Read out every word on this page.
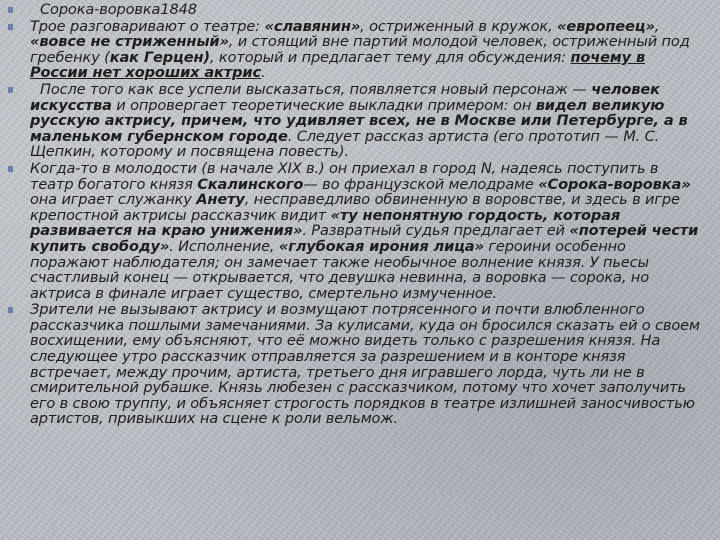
Сорока-воровка1848
Трое разговаривают о театре: «славянин», остриженный в кружок, «европеец», «вовсе не стриженный», и стоящий вне партий молодой человек, остриженный под гребенку (как Герцен), который и предлагает тему для обсуждения: почему в России нет хороших актрис.
После того как все успели высказаться, появляется новый персонаж — человек искусства и опровергает теоретические выкладки примером: он видел великую русскую актрису, причем, что удивляет всех, не в Москве или Петербурге, а в маленьком губернском городе. Следует рассказ артиста (его прототип — М. С. Щепкин, которому и посвящена повесть).
Когда-то в молодости (в начале XIX в.) он приехал в город N, надеясь поступить в театр богатого князя Скалинского— во французской мелодраме «Сорока-воровка» она играет служанку Анету, несправедливо обвиненную в воровстве, и здесь в игре крепостной актрисы рассказчик видит «ту непонятную гордость, которая развивается на краю унижения». Развратный судья предлагает ей «потерей чести купить свободу». Исполнение, «глубокая ирония лица» героини особенно поражают наблюдателя; он замечает также необычное волнение князя. У пьесы счастливый конец — открывается, что девушка невинна, а воровка — сорока, но актриса в финале играет существо, смертельно измученное.
Зрители не вызывают актрису и возмущают потрясенного и почти влюбленного рассказчика пошлыми замечаниями. За кулисами, куда он бросился сказать ей о своем восхищении, ему объясняют, что её можно видеть только с разрешения князя. На следующее утро рассказчик отправляется за разрешением и в конторе князя встречает, между прочим, артиста, третьего дня игравшего лорда, чуть ли не в смирительной рубашке. Князь любезен с рассказчиком, потому что хочет заполучить его в свою труппу, и объясняет строгость порядков в театре излишней заносчивостью артистов, привыкших на сцене к роли вельмож.
